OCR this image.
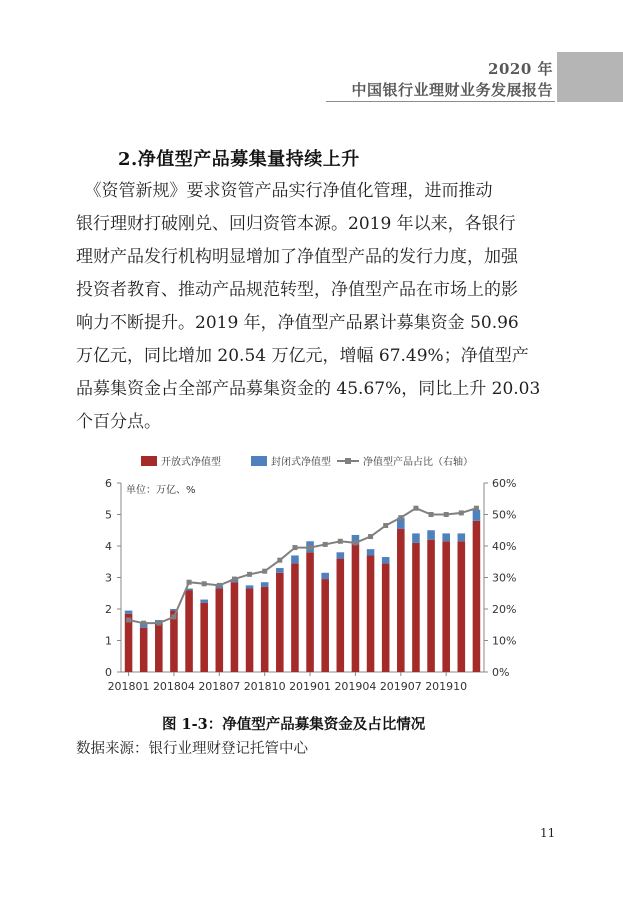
2020 年
中国银行业理财业务发展报告
2.净值型产品募集量持续上升
　《资管新规》要求资管产品实行净值化管理，进而推动
银行理财打破刚兑、回归资管本源。2019 年以来，各银行
理财产品发行机构明显增加了净值型产品的发行力度，加强
投资者教育、推动产品规范转型，净值型产品在市场上的影
响力不断提升。2019 年，净值型产品累计募集资金 50.96
万亿元，同比增加 20.54 万亿元，增幅 67.49%；净值型产
品募集资金占全部产品募集资金的 45.67%，同比上升 20.03
个百分点。
开放式净值型	封闭式净值型	净值型产品占比（右轴）
单位：万亿、%
0
1
2
3
4
5
6
0%
10%
20%
30%
40%
50%
60%
201801 201804 201807 201810 201901 201904 201907 201910
图 1-3：净值型产品募集资金及占比情况
数据来源：银行业理财登记托管中心
11
